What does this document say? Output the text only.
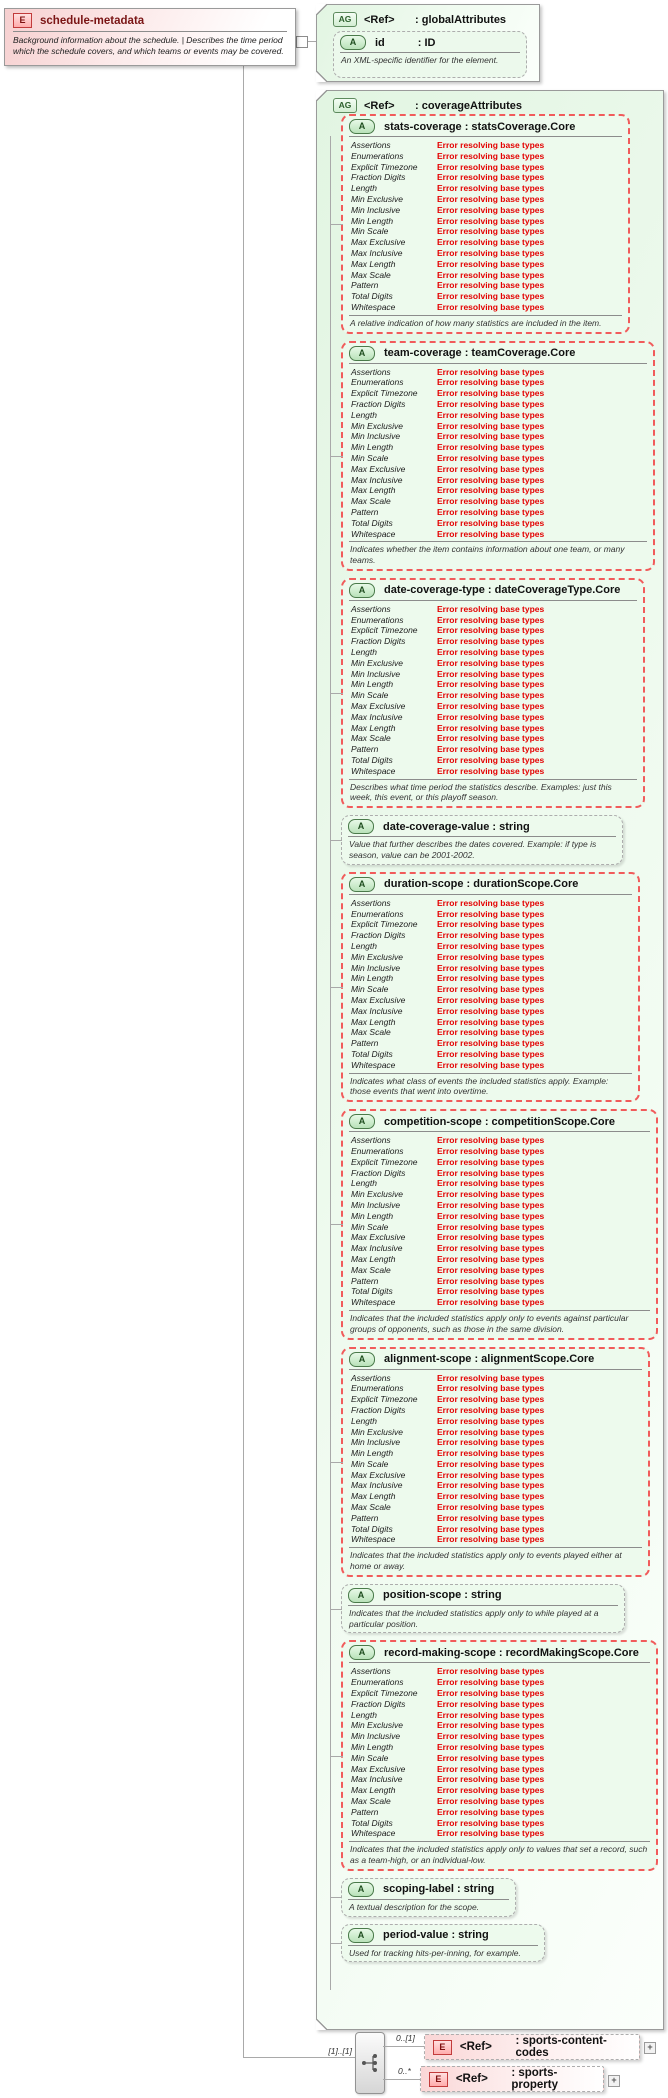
E	schedule-metadata
Background information about the schedule. | Describes the time period which the schedule covers, and which teams or events may be covered.
AG	<Ref>	: globalAttributes
A	id	: ID
An XML-specific identifier for the element.
AG	<Ref>	: coverageAttributes
A	stats-coverage : statsCoverage.Core
Assertions	Error resolving base types
Enumerations	Error resolving base types
Explicit Timezone	Error resolving base types
Fraction Digits	Error resolving base types
Length	Error resolving base types
Min Exclusive	Error resolving base types
Min Inclusive	Error resolving base types
Min Length	Error resolving base types
Min Scale	Error resolving base types
Max Exclusive	Error resolving base types
Max Inclusive	Error resolving base types
Max Length	Error resolving base types
Max Scale	Error resolving base types
Pattern	Error resolving base types
Total Digits	Error resolving base types
Whitespace	Error resolving base types
A relative indication of how many statistics are included in the item.
A	team-coverage : teamCoverage.Core
Assertions	Error resolving base types
Enumerations	Error resolving base types
Explicit Timezone	Error resolving base types
Fraction Digits	Error resolving base types
Length	Error resolving base types
Min Exclusive	Error resolving base types
Min Inclusive	Error resolving base types
Min Length	Error resolving base types
Min Scale	Error resolving base types
Max Exclusive	Error resolving base types
Max Inclusive	Error resolving base types
Max Length	Error resolving base types
Max Scale	Error resolving base types
Pattern	Error resolving base types
Total Digits	Error resolving base types
Whitespace	Error resolving base types
Indicates whether the item contains information about one team, or many teams.
A	date-coverage-type : dateCoverageType.Core
Assertions	Error resolving base types
Enumerations	Error resolving base types
Explicit Timezone	Error resolving base types
Fraction Digits	Error resolving base types
Length	Error resolving base types
Min Exclusive	Error resolving base types
Min Inclusive	Error resolving base types
Min Length	Error resolving base types
Min Scale	Error resolving base types
Max Exclusive	Error resolving base types
Max Inclusive	Error resolving base types
Max Length	Error resolving base types
Max Scale	Error resolving base types
Pattern	Error resolving base types
Total Digits	Error resolving base types
Whitespace	Error resolving base types
Describes what time period the statistics describe. Examples: just this week, this event, or this playoff season.
A	date-coverage-value : string
Value that further describes the dates covered. Example: if type is season, value can be 2001-2002.
A	duration-scope : durationScope.Core
Assertions	Error resolving base types
Enumerations	Error resolving base types
Explicit Timezone	Error resolving base types
Fraction Digits	Error resolving base types
Length	Error resolving base types
Min Exclusive	Error resolving base types
Min Inclusive	Error resolving base types
Min Length	Error resolving base types
Min Scale	Error resolving base types
Max Exclusive	Error resolving base types
Max Inclusive	Error resolving base types
Max Length	Error resolving base types
Max Scale	Error resolving base types
Pattern	Error resolving base types
Total Digits	Error resolving base types
Whitespace	Error resolving base types
Indicates what class of events the included statistics apply. Example: those events that went into overtime.
A	competition-scope : competitionScope.Core
Assertions	Error resolving base types
Enumerations	Error resolving base types
Explicit Timezone	Error resolving base types
Fraction Digits	Error resolving base types
Length	Error resolving base types
Min Exclusive	Error resolving base types
Min Inclusive	Error resolving base types
Min Length	Error resolving base types
Min Scale	Error resolving base types
Max Exclusive	Error resolving base types
Max Inclusive	Error resolving base types
Max Length	Error resolving base types
Max Scale	Error resolving base types
Pattern	Error resolving base types
Total Digits	Error resolving base types
Whitespace	Error resolving base types
Indicates that the included statistics apply only to events against particular groups of opponents, such as those in the same division.
A	alignment-scope : alignmentScope.Core
Assertions	Error resolving base types
Enumerations	Error resolving base types
Explicit Timezone	Error resolving base types
Fraction Digits	Error resolving base types
Length	Error resolving base types
Min Exclusive	Error resolving base types
Min Inclusive	Error resolving base types
Min Length	Error resolving base types
Min Scale	Error resolving base types
Max Exclusive	Error resolving base types
Max Inclusive	Error resolving base types
Max Length	Error resolving base types
Max Scale	Error resolving base types
Pattern	Error resolving base types
Total Digits	Error resolving base types
Whitespace	Error resolving base types
Indicates that the included statistics apply only to events played either at home or away.
A	position-scope : string
Indicates that the included statistics apply only to while played at a particular position.
A	record-making-scope : recordMakingScope.Core
Assertions	Error resolving base types
Enumerations	Error resolving base types
Explicit Timezone	Error resolving base types
Fraction Digits	Error resolving base types
Length	Error resolving base types
Min Exclusive	Error resolving base types
Min Inclusive	Error resolving base types
Min Length	Error resolving base types
Min Scale	Error resolving base types
Max Exclusive	Error resolving base types
Max Inclusive	Error resolving base types
Max Length	Error resolving base types
Max Scale	Error resolving base types
Pattern	Error resolving base types
Total Digits	Error resolving base types
Whitespace	Error resolving base types
Indicates that the included statistics apply only to values that set a record, such as a team-high, or an individual-low.
A	scoping-label : string
A textual description for the scope.
A	period-value : string
Used for tracking hits-per-inning, for example.
[1]..[1]
0..[1]
E	<Ref>	: sports-content-codes	+
0..*
E	<Ref>	: sports-property	+
